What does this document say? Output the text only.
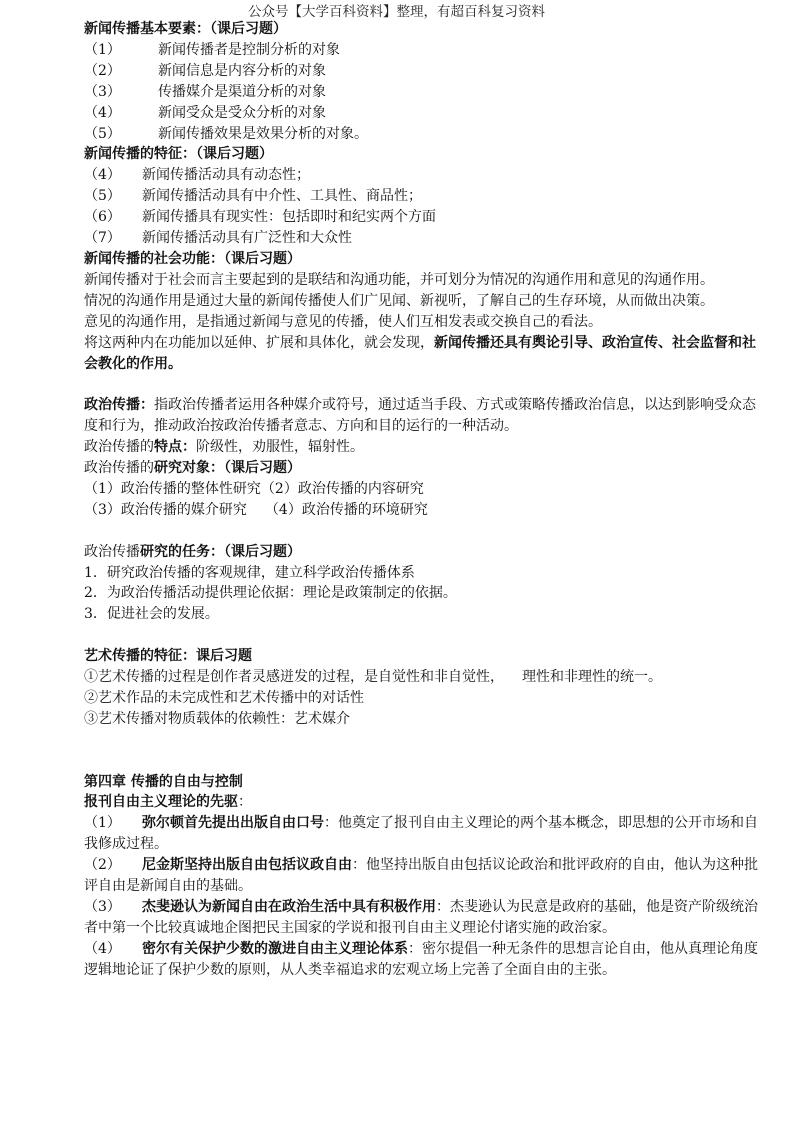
公众号【大学百科资料】整理，有超百科复习资料
新闻传播基本要素：（课后习题）
（1）	新闻传播者是控制分析的对象
（2）	新闻信息是内容分析的对象
（3）	传播媒介是渠道分析的对象
（4）	新闻受众是受众分析的对象
（5）	新闻传播效果是效果分析的对象。
新闻传播的特征：（课后习题）
（4） 新闻传播活动具有动态性；
（5） 新闻传播活动具有中介性、工具性、商品性；
（6） 新闻传播具有现实性：包括即时和纪实两个方面
（7） 新闻传播活动具有广泛性和大众性
新闻传播的社会功能：（课后习题）
新闻传播对于社会而言主要起到的是联结和沟通功能，并可划分为情况的沟通作用和意见的沟通作用。
情况的沟通作用是通过大量的新闻传播使人们广见闻、新视听，了解自己的生存环境，从而做出决策。
意见的沟通作用，是指通过新闻与意见的传播，使人们互相发表或交换自己的看法。
将这两种内在功能加以延伸、扩展和具体化，就会发现，新闻传播还具有舆论引导、政治宣传、社会监督和社会教化的作用。
政治传播：指政治传播者运用各种媒介或符号，通过适当手段、方式或策略传播政治信息，以达到影响受众态度和行为，推动政治按政治传播者意志、方向和目的运行的一种活动。
政治传播的特点：阶级性，劝服性，辐射性。
政治传播的研究对象：（课后习题）
（1）政治传播的整体性研究（2）政治传播的内容研究
（3）政治传播的媒介研究 （4）政治传播的环境研究
政治传播研究的任务：（课后习题）
1．研究政治传播的客观规律，建立科学政治传播体系
2．为政治传播活动提供理论依据：理论是政策制定的依据。
3．促进社会的发展。
艺术传播的特征：课后习题
①艺术传播的过程是创作者灵感迸发的过程，是自觉性和非自觉性， 理性和非理性的统一。
②艺术作品的未完成性和艺术传播中的对话性
③艺术传播对物质载体的依赖性：艺术媒介
第四章 传播的自由与控制
报刊自由主义理论的先驱：
（1） 弥尔顿首先提出出版自由口号：他奠定了报刊自由主义理论的两个基本概念，即思想的公开市场和自我修成过程。
（2） 尼金斯坚持出版自由包括议政自由：他坚持出版自由包括议论政治和批评政府的自由，他认为这种批评自由是新闻自由的基础。
（3） 杰斐逊认为新闻自由在政治生活中具有积极作用：杰斐逊认为民意是政府的基础，他是资产阶级统治者中第一个比较真诚地企图把民主国家的学说和报刊自由主义理论付诸实施的政治家。
（4） 密尔有关保护少数的激进自由主义理论体系：密尔提倡一种无条件的思想言论自由，他从真理论角度逻辑地论证了保护少数的原则，从人类幸福追求的宏观立场上完善了全面自由的主张。
